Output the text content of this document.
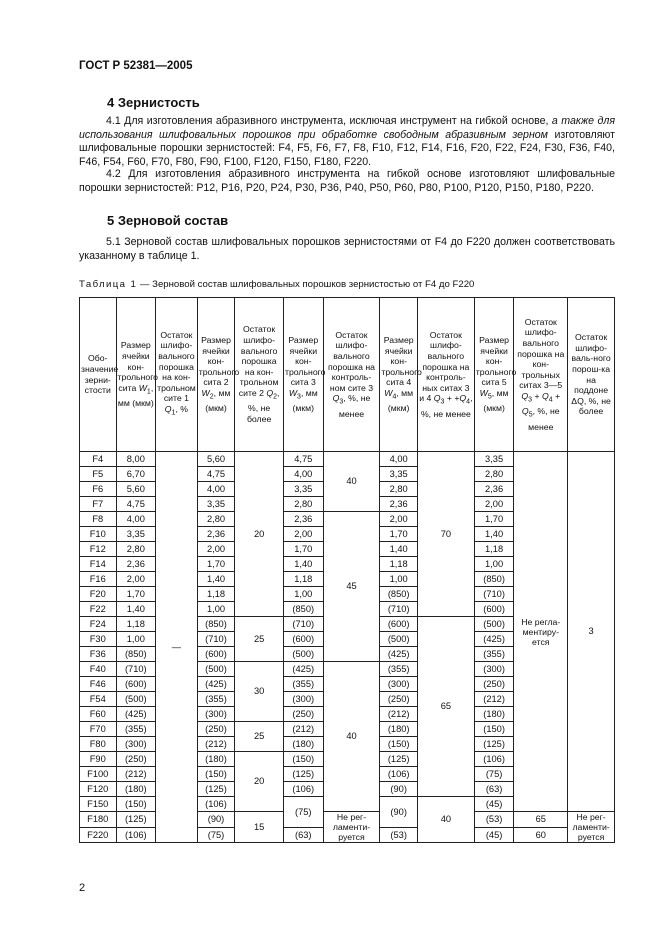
ГОСТ Р 52381—2005
4 Зернистость

4.1 Для изготовления абразивного инструмента, исключая инструмент на гибкой основе, а также для использования шлифовальных порошков при обработке свободным абразивным зерном изготовляют шлифовальные порошки зернистостей: F4, F5, F6, F7, F8, F10, F12, F14, F16, F20, F22, F24, F30, F36, F40, F46, F54, F60, F70, F80, F90, F100, F120, F150, F180, F220.

4.2 Для изготовления абразивного инструмента на гибкой основе изготовляют шлифовальные порошки зернистостей: P12, P16, P20, P24, P30, P36, P40, P50, P60, P80, P100, P120, P150, P180, P220.

5 Зерновой состав

5.1 Зерновой состав шлифовальных порошков зернистостями от F4 до F220 должен соответствовать указанному в таблице 1.

Таблица 1 — Зерновой состав шлифовальных порошков зернистостью от F4 до F220
Обо-значение зерни-стости	Размер ячейки кон-трольного сита $W_1$, мм (мкм)	Остаток шлифо-вального порошка на кон-трольном сите 1 $Q_1$, %	Размер ячейки кон-трольного сита 2 $W_2$, мм (мкм)	Остаток шлифо-вального порошка на кон-трольном сите 2 $Q_2$, %, не более	Размер ячейки кон-трольного сита 3 $W_3$, мм (мкм)	Остаток шлифо-вального порошка на контроль-ном сите 3 $Q_3$, %, не менее	Размер ячейки кон-трольного сита 4 $W_4$, мм (мкм)	Остаток шлифо-вального порошка на контроль-ных ситах 3 и 4 $Q_3 + +Q_4$, %, не менее	Размер ячейки кон-трольного сита 5 $W_5$, мм (мкм)	Остаток шлифо-вального порошка на кон-трольных ситах 3—5 $Q_3 + Q_4 + Q_5$, %, не менее	Остаток шлифо-валь-ного порош-ка на поддоне ΔQ, %, не более
F4	8,00	—	5,60	20	4,75	40	4,00	70	3,35	Не регла-ментиру-ется	3
F5	6,70		4,75		4,00		3,35		2,80		
F6	5,60		4,00		3,35		2,80		2,36		
F7	4,75		3,35		2,80		2,36		2,00		
F8	4,00		2,80		2,36	45	2,00		1,70		
F10	3,35		2,36		2,00		1,70		1,40		
F12	2,80		2,00		1,70		1,40		1,18		
F14	2,36		1,70		1,40		1,18		1,00		
F16	2,00		1,40		1,18		1,00		(850)		
F20	1,70		1,18		1,00		(850)		(710)		
F22	1,40		1,00		(850)		(710)		(600)		
F24	1,18		(850)	25	(710)		(600)	65	(500)		
F30	1,00		(710)		(600)		(500)		(425)		
F36	(850)		(600)		(500)		(425)		(355)		
F40	(710)		(500)	30	(425)	40	(355)		(300)		
F46	(600)		(425)		(355)		(300)		(250)		
F54	(500)		(355)		(300)		(250)		(212)		
F60	(425)		(300)		(250)		(212)		(180)		
F70	(355)		(250)	25	(212)		(180)		(150)		
F80	(300)		(212)		(180)		(150)		(125)		
F90	(250)		(180)	20	(150)		(125)		(106)		
F100	(212)		(150)		(125)		(106)		(75)		
F120	(180)		(125)		(106)		(90)		(63)		
F150	(150)		(106)		(75)		(90)	40	(45)		
F180	(125)		(90)	15		Не рег-ламенти-руется			(53)	65	Не рег-ламенти-руется
F220	(106)		(75)		(63)		(53)		(45)	60	
2
